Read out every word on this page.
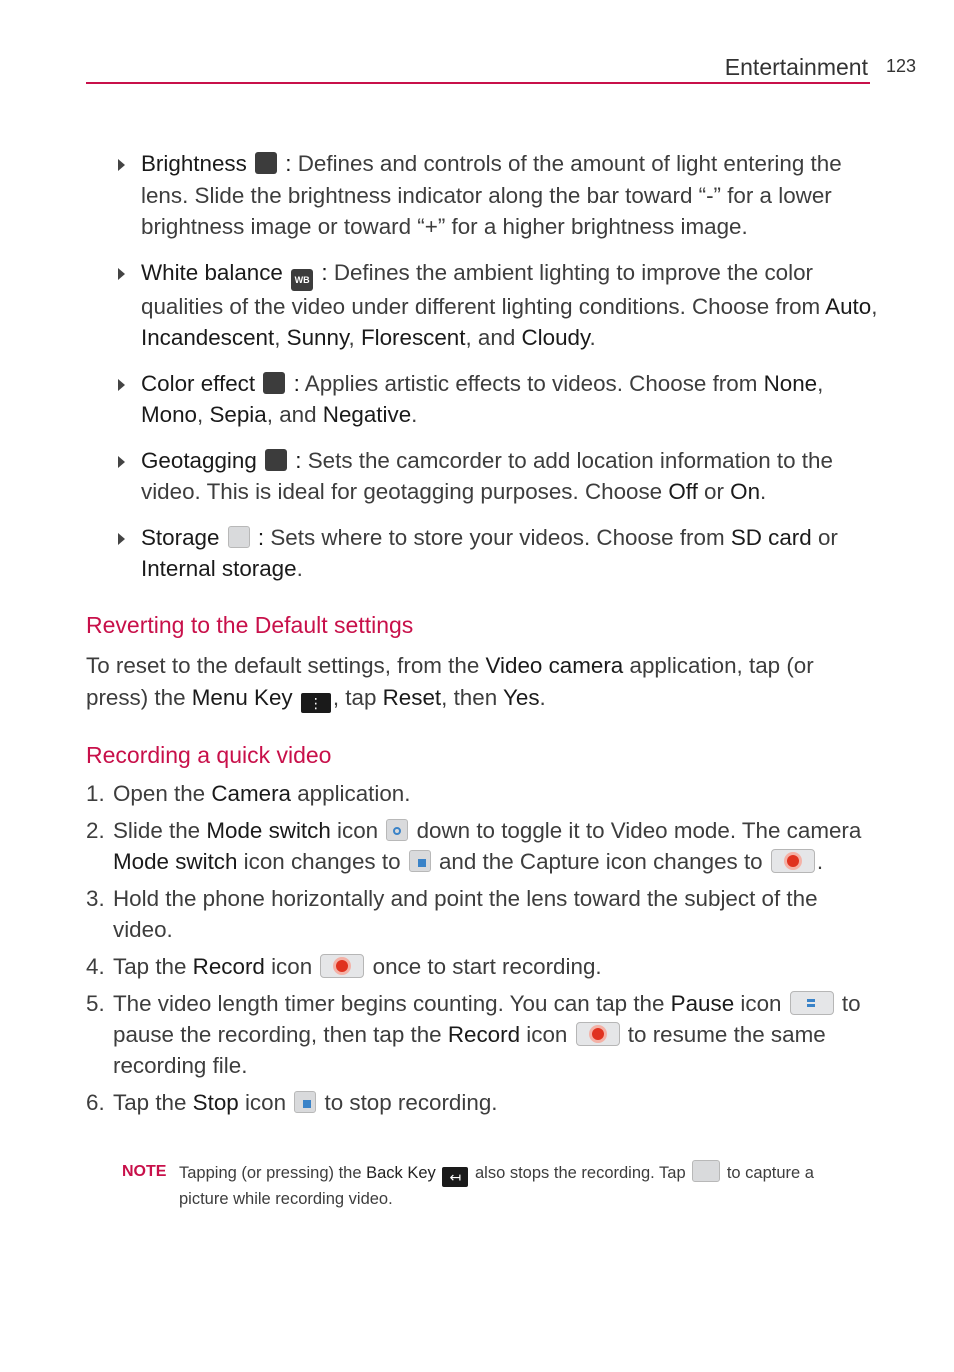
Entertainment 123
Brightness : Defines and controls of the amount of light entering the lens. Slide the brightness indicator along the bar toward “-” for a lower brightness image or toward “+” for a higher brightness image.
White balance WB : Defines the ambient lighting to improve the color qualities of the video under different lighting conditions. Choose from Auto, Incandescent, Sunny, Florescent, and Cloudy.
Color effect : Applies artistic effects to videos. Choose from None, Mono, Sepia, and Negative.
Geotagging : Sets the camcorder to add location information to the video. This is ideal for geotagging purposes. Choose Off or On.
Storage : Sets where to store your videos. Choose from SD card or Internal storage.
Reverting to the Default settings
To reset to the default settings, from the Video camera application, tap (or press) the Menu Key ⋮ , tap Reset, then Yes.
Recording a quick video
1. Open the Camera application.
2. Slide the Mode switch icon
down to toggle it to Video mode. The camera Mode switch icon changes to
and the Capture icon changes to
.
3. Hold the phone horizontally and point the lens toward the subject of the video.
4. Tap the Record icon
once to start recording.
5. The video length timer begins counting. You can tap the Pause icon
to pause the recording, then tap the Record icon
to resume the same recording file.
6. Tap the Stop icon
to stop recording.
NOTE Tapping (or pressing) the Back Key ↤ also stops the recording. Tap  to capture a picture while recording video.
